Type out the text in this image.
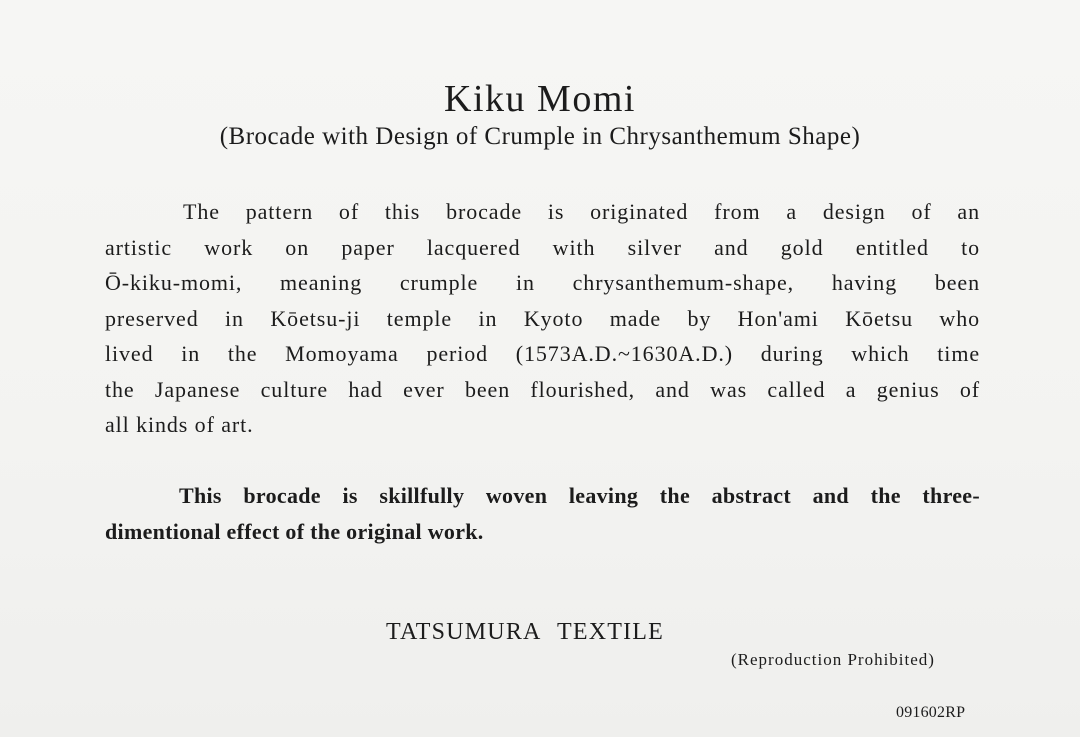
Kiku Momi
(Brocade with Design of Crumple in Chrysanthemum Shape)
The pattern of this brocade is originated from a design of an
artistic work on paper lacquered with silver and gold entitled to
Ō-kiku-momi, meaning crumple in chrysanthemum-shape, having been
preserved in Kōetsu-ji temple in Kyoto made by Hon'ami Kōetsu who
lived in the Momoyama period (1573A.D.~1630A.D.) during which time
the Japanese culture had ever been flourished, and was called a genius of
all kinds of art.
This brocade is skillfully woven leaving the abstract and the three-
dimentional effect of the original work.
TATSUMURA TEXTILE
(Reproduction Prohibited)
091602RP
